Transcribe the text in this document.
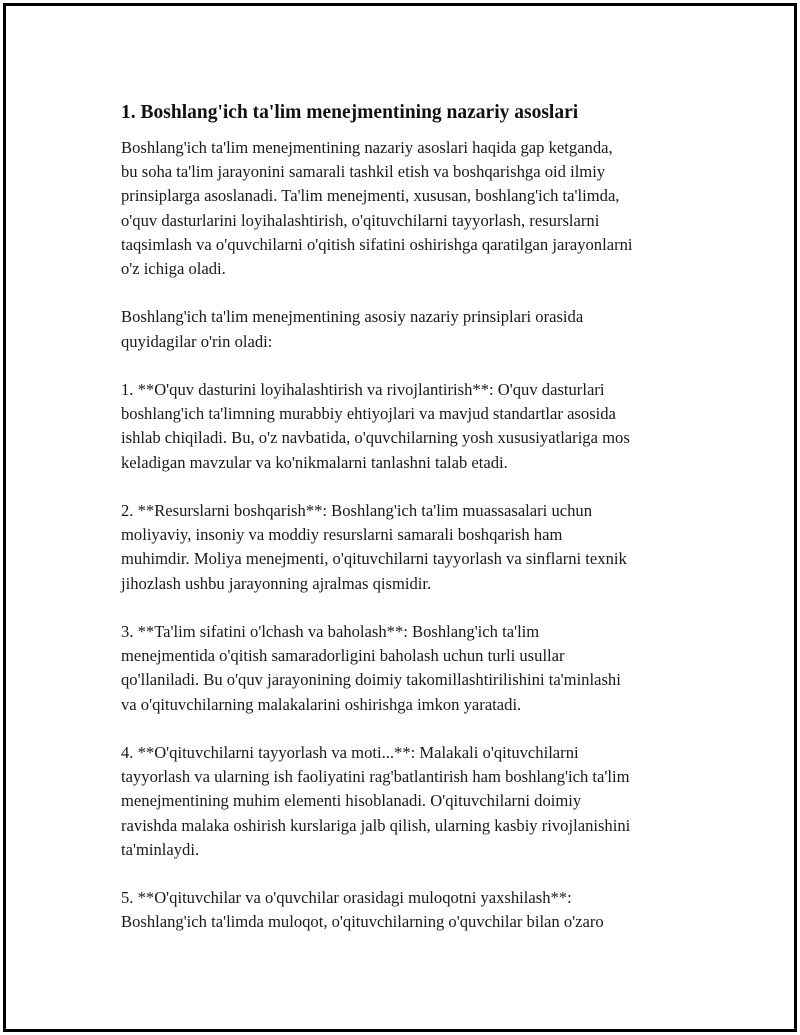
1. Boshlang'ich ta'lim menejmentining nazariy asoslari

Boshlang'ich ta'lim menejmentining nazariy asoslari haqida gap ketganda,
bu soha ta'lim jarayonini samarali tashkil etish va boshqarishga oid ilmiy
prinsiplarga asoslanadi. Ta'lim menejmenti, xususan, boshlang'ich ta'limda,
o'quv dasturlarini loyihalashtirish, o'qituvchilarni tayyorlash, resurslarni
taqsimlash va o'quvchilarni o'qitish sifatini oshirishga qaratilgan jarayonlarni
o'z ichiga oladi.

Boshlang'ich ta'lim menejmentining asosiy nazariy prinsiplari orasida
quyidagilar o'rin oladi:

1. **O'quv dasturini loyihalashtirish va rivojlantirish**: O'quv dasturlari
boshlang'ich ta'limning murabbiy ehtiyojlari va mavjud standartlar asosida
ishlab chiqiladi. Bu, o'z navbatida, o'quvchilarning yosh xususiyatlariga mos
keladigan mavzular va ko'nikmalarni tanlashni talab etadi.

2. **Resurslarni boshqarish**: Boshlang'ich ta'lim muassasalari uchun
moliyaviy, insoniy va moddiy resurslarni samarali boshqarish ham
muhimdir. Moliya menejmenti, o'qituvchilarni tayyorlash va sinflarni texnik
jihozlash ushbu jarayonning ajralmas qismidir.

3. **Ta'lim sifatini o'lchash va baholash**: Boshlang'ich ta'lim
menejmentida o'qitish samaradorligini baholash uchun turli usullar
qo'llaniladi. Bu o'quv jarayonining doimiy takomillashtirilishini ta'minlashi
va o'qituvchilarning malakalarini oshirishga imkon yaratadi.

4. **O'qituvchilarni tayyorlash va moti...**: Malakali o'qituvchilarni
tayyorlash va ularning ish faoliyatini rag'batlantirish ham boshlang'ich ta'lim
menejmentining muhim elementi hisoblanadi. O'qituvchilarni doimiy
ravishda malaka oshirish kurslariga jalb qilish, ularning kasbiy rivojlanishini
ta'minlaydi.

5. **O'qituvchilar va o'quvchilar orasidagi muloqotni yaxshilash**:
Boshlang'ich ta'limda muloqot, o'qituvchilarning o'quvchilar bilan o'zaro
